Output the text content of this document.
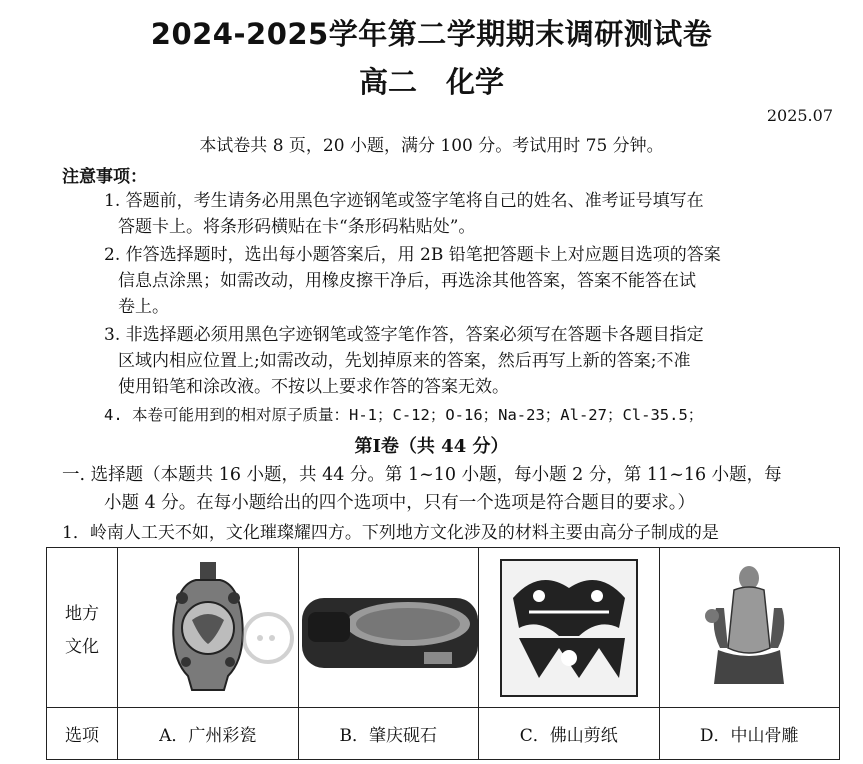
2024-2025学年第二学期期末调研测试卷
高二　化学
2025.07
本试卷共 8 页，20 小题，满分 100 分。考试用时 75 分钟。
注意事项：
1. 答题前，考生请务必用黑色字迹钢笔或签字笔将自己的姓名、准考证号填写在
答题卡上。将条形码横贴在卡“条形码粘贴处”。
2. 作答选择题时，选出每小题答案后，用 2B 铅笔把答题卡上对应题目选项的答案
信息点涂黑；如需改动，用橡皮擦干净后，再选涂其他答案，答案不能答在试
卷上。
3. 非选择题必须用黑色字迹钢笔或签字笔作答，答案必须写在答题卡各题目指定
区域内相应位置上;如需改动，先划掉原来的答案，然后再写上新的答案;不准
使用铅笔和涂改液。不按以上要求作答的答案无效。
4. 本卷可能用到的相对原子质量：H-1；C-12；O-16；Na-23；Al-27；Cl-35.5；
第Ⅰ卷（共 44 分）
一. 选择题（本题共 16 小题，共 44 分。第 1~10 小题，每小题 2 分，第 11~16 小题，每
小题 4 分。在每小题给出的四个选项中，只有一个选项是符合题目的要求。）
1．岭南人工天不如，文化璀璨耀四方。下列地方文化涉及的材料主要由高分子制成的是
地方
文化

选项	A．广州彩瓷	B．肇庆砚石	C．佛山剪纸	D．中山骨雕
